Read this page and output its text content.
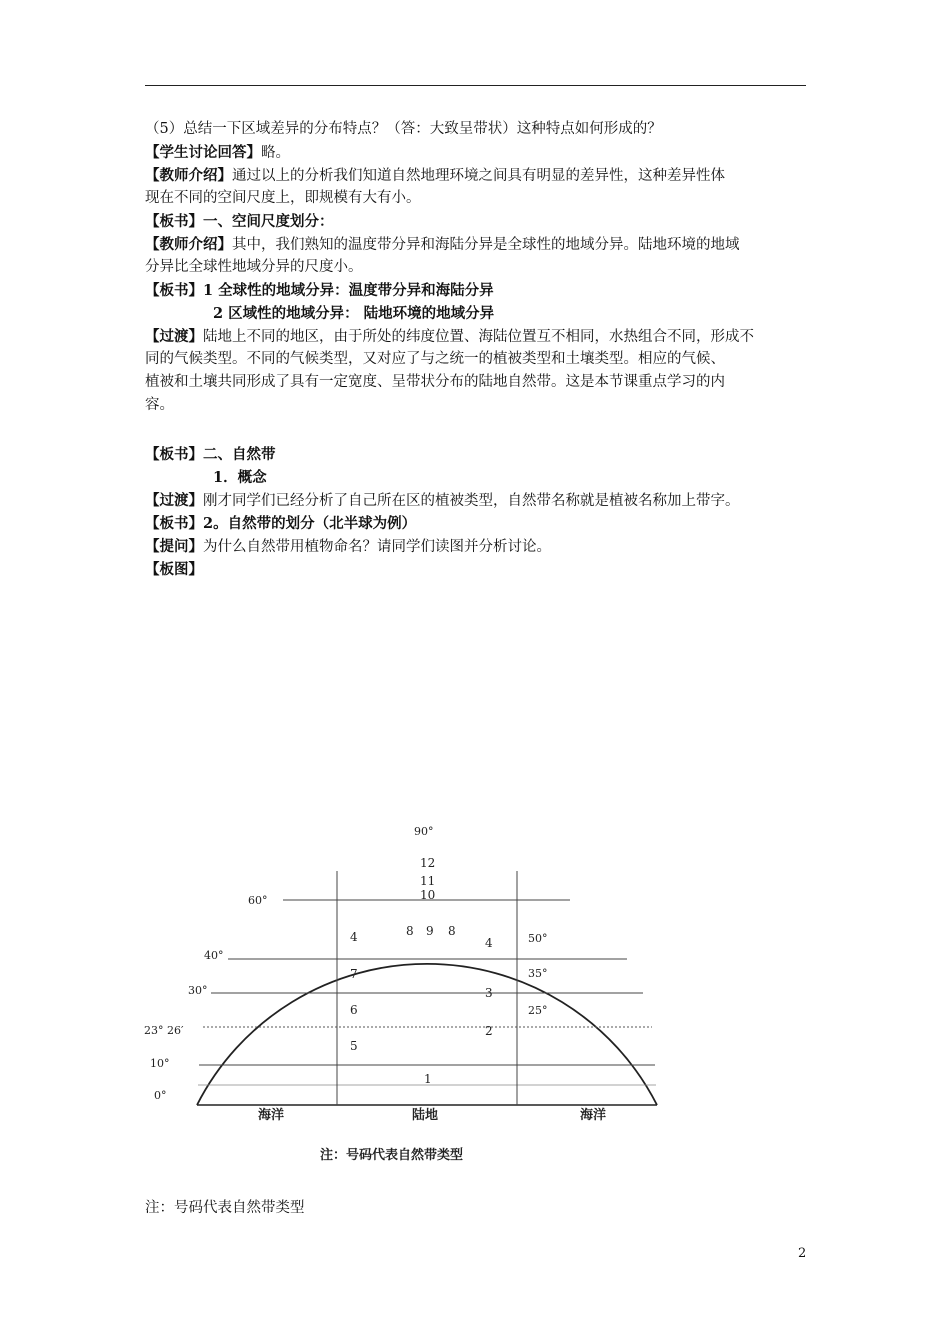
（5）总结一下区域差异的分布特点？（答：大致呈带状）这种特点如何形成的？
【学生讨论回答】略。
【教师介绍】通过以上的分析我们知道自然地理环境之间具有明显的差异性，这种差异性体
现在不同的空间尺度上，即规模有大有小。
【板书】一、空间尺度划分：
【教师介绍】其中，我们熟知的温度带分异和海陆分异是全球性的地域分异。陆地环境的地域
分异比全球性地域分异的尺度小。
【板书】1 全球性的地域分异：温度带分异和海陆分异
2 区域性的地域分异： 陆地环境的地域分异
【过渡】陆地上不同的地区，由于所处的纬度位置、海陆位置互不相同，水热组合不同，形成不
同的气候类型。不同的气候类型，又对应了与之统一的植被类型和土壤类型。相应的气候、
植被和土壤共同形成了具有一定宽度、呈带状分布的陆地自然带。这是本节课重点学习的内
容。
【板书】二、自然带
1．概念
【过渡】刚才同学们已经分析了自己所在区的植被类型，自然带名称就是植被名称加上带字。
【板书】2。自然带的划分（北半球为例）
【提问】为什么自然带用植物命名？请同学们读图并分析讨论。
【板图】
90°
60°
40°
30°
23° 26′
10°
0°
50°
35°
25°
12
11
10
4	8 9 8
4
7
3
6
2
5
1
海洋	陆地	海洋
注：号码代表自然带类型
注：号码代表自然带类型
2
